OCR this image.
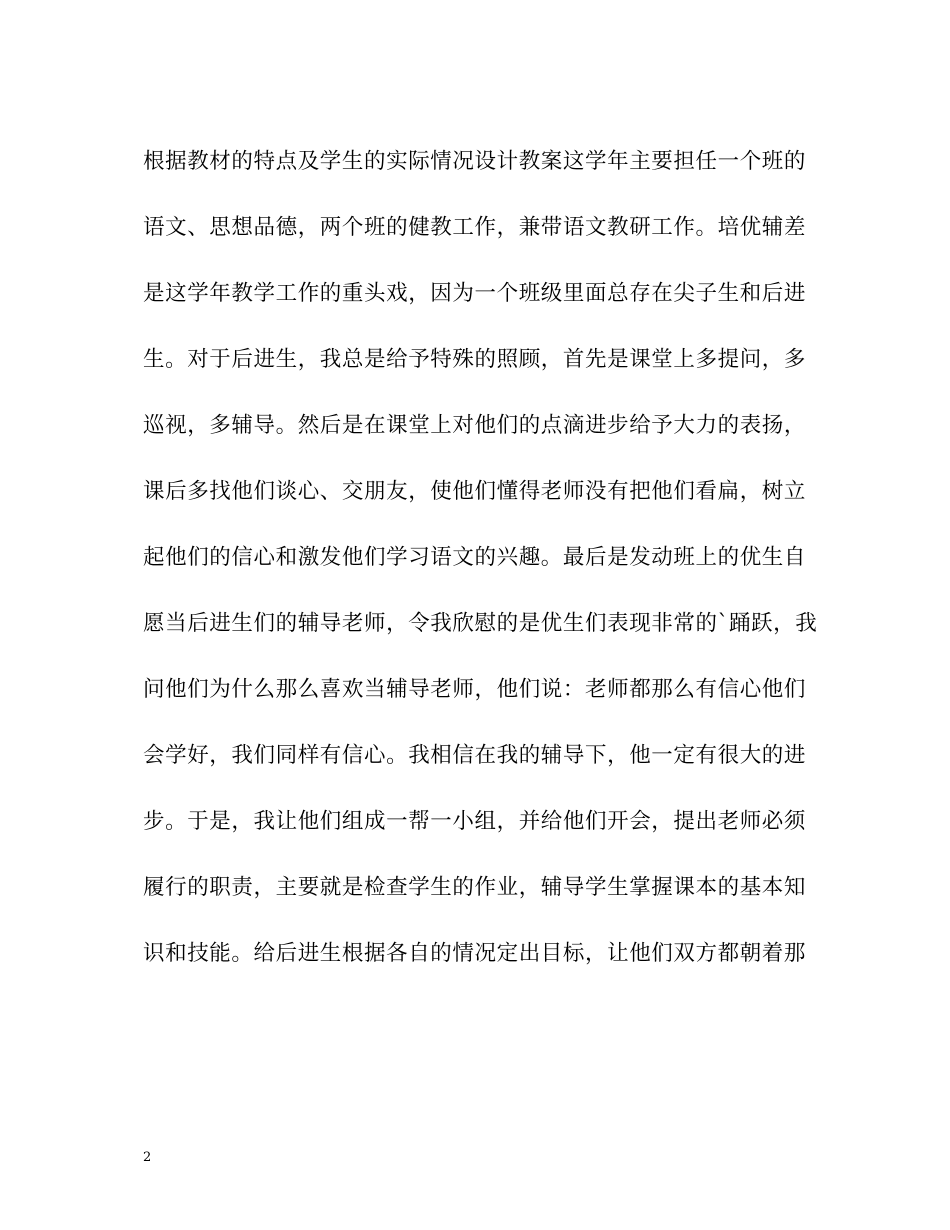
根据教材的特点及学生的实际情况设计教案这学年主要担任一个班的
语文、思想品德，两个班的健教工作，兼带语文教研工作。培优辅差
是这学年教学工作的重头戏，因为一个班级里面总存在尖子生和后进
生。对于后进生，我总是给予特殊的照顾，首先是课堂上多提问，多
巡视，多辅导。然后是在课堂上对他们的点滴进步给予大力的表扬，
课后多找他们谈心、交朋友，使他们懂得老师没有把他们看扁，树立
起他们的信心和激发他们学习语文的兴趣。最后是发动班上的优生自
愿当后进生们的辅导老师，令我欣慰的是优生们表现非常的`踊跃，我
问他们为什么那么喜欢当辅导老师，他们说：老师都那么有信心他们
会学好，我们同样有信心。我相信在我的辅导下，他一定有很大的进
步。于是，我让他们组成一帮一小组，并给他们开会，提出老师必须
履行的职责，主要就是检查学生的作业，辅导学生掌握课本的基本知
识和技能。给后进生根据各自的情况定出目标，让他们双方都朝着那
2
